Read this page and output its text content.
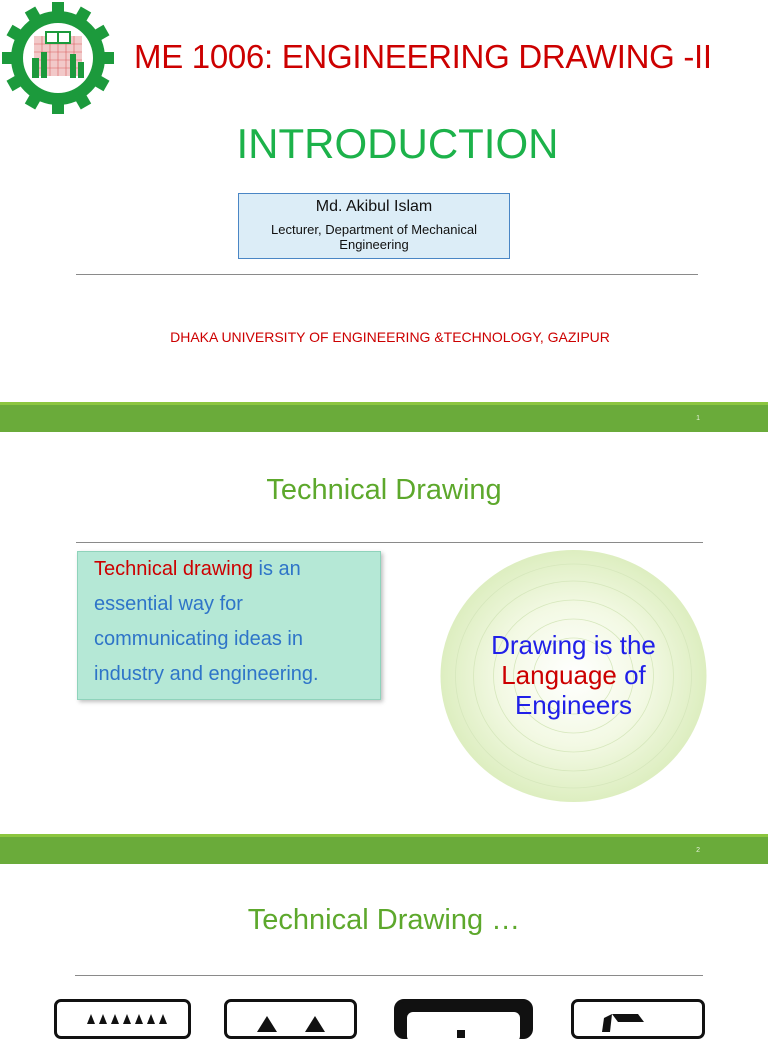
DUET
ME 1006: ENGINEERING DRAWING -II
INTRODUCTION
Md. Akibul Islam
Lecturer, Department of Mechanical Engineering
DHAKA UNIVERSITY OF ENGINEERING &TECHNOLOGY, GAZIPUR
1
Technical Drawing
Technical drawing is an essential way for communicating ideas in industry and engineering.
Drawing is the
Language of
Engineers
2
Technical Drawing …
